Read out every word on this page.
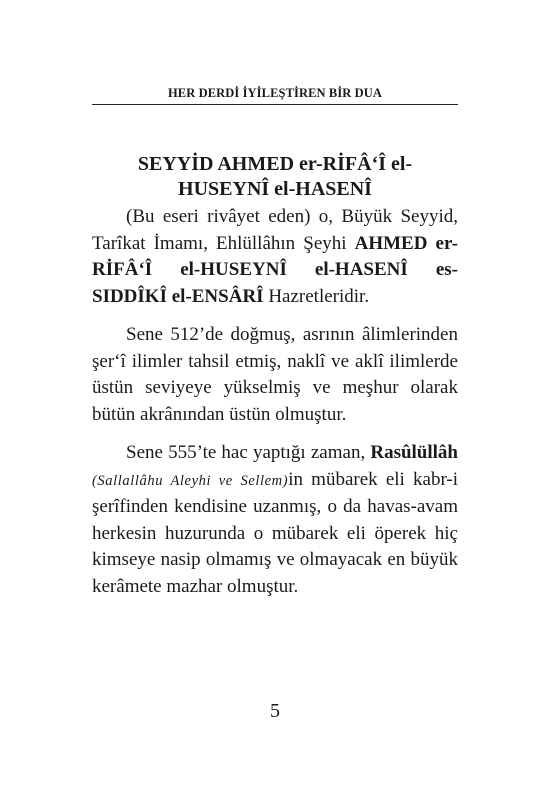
HER DERDİ İYİLEŞTİREN BİR DUA
SEYYİD AHMED er-RİFÂ‘Î el-
HUSEYNÎ el-HASENÎ

(Bu eseri rivâyet eden) o, Büyük Seyyid, Tarîkat İmamı, Ehlüllâhın Şeyhi AHMED er-RİFÂ‘Î el-HUSEYNÎ el-HASENÎ es-SIDDÎKÎ el-ENSÂRÎ Hazretleridir.

Sene 512’de doğmuş, asrının âlimlerinden şer‘î ilimler tahsil etmiş, naklî ve aklî ilimlerde üstün seviyeye yükselmiş ve meşhur olarak bütün akrânından üstün olmuştur.

Sene 555’te hac yaptığı zaman, Rasûlüllâh (Sallallâhu Aleyhi ve Sellem)in mübarek eli kabr-i şerîfinden kendisine uzanmış, o da havas-avam herkesin huzurunda o mübarek eli öperek hiç kimseye nasip olmamış ve olmayacak en büyük kerâmete mazhar olmuştur.

5
